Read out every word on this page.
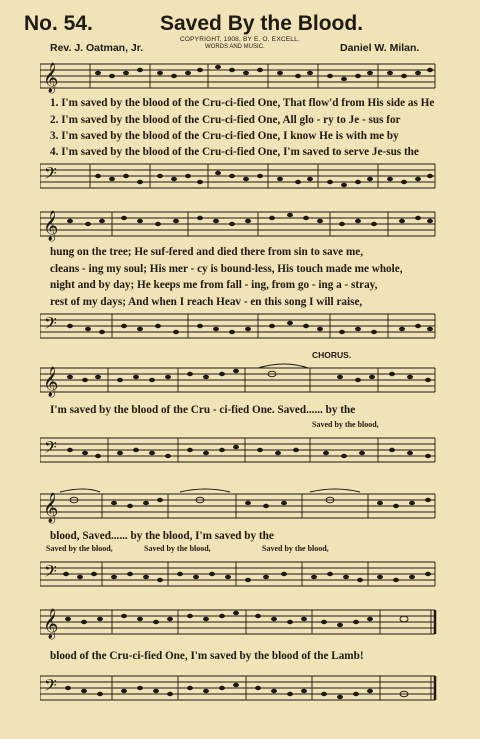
No. 54.	Saved By the Blood.
COPYRIGHT, 1908, BY E. O. EXCELL.
WORDS AND MUSIC.
Rev. J. Oatman, Jr.	Daniel W. Milan.
𝄞
1. I'm saved by the blood of the Cru-ci-fied One, That flow'd from His side as He
2. I'm saved by the blood of the Cru-ci-fied One, All glo - ry to Je - sus for
3. I'm saved by the blood of the Cru-ci-fied One, I know He is with me by
4. I'm saved by the blood of the Cru-ci-fied One, I'm saved to serve Je-sus the
𝄢
𝄞
hung on the tree; He suf-fered and died there from sin to save me,
cleans - ing my soul; His mer - cy is bound-less, His touch made me whole,
night and by day; He keeps me from fall - ing, from go - ing a - stray,
rest of my days; And when I reach Heav - en this song I will raise,
𝄢
CHORUS.
𝄞
I'm saved by the blood of the Cru - ci-fied One. Saved...... by the
Saved by the blood,
𝄢
𝄞
blood, Saved...... by the blood, I'm saved by the
Saved by the blood,	Saved by the blood,	Saved by the blood,
𝄢
𝄞
blood of the Cru-ci-fied One, I'm saved by the blood of the Lamb!
𝄢
